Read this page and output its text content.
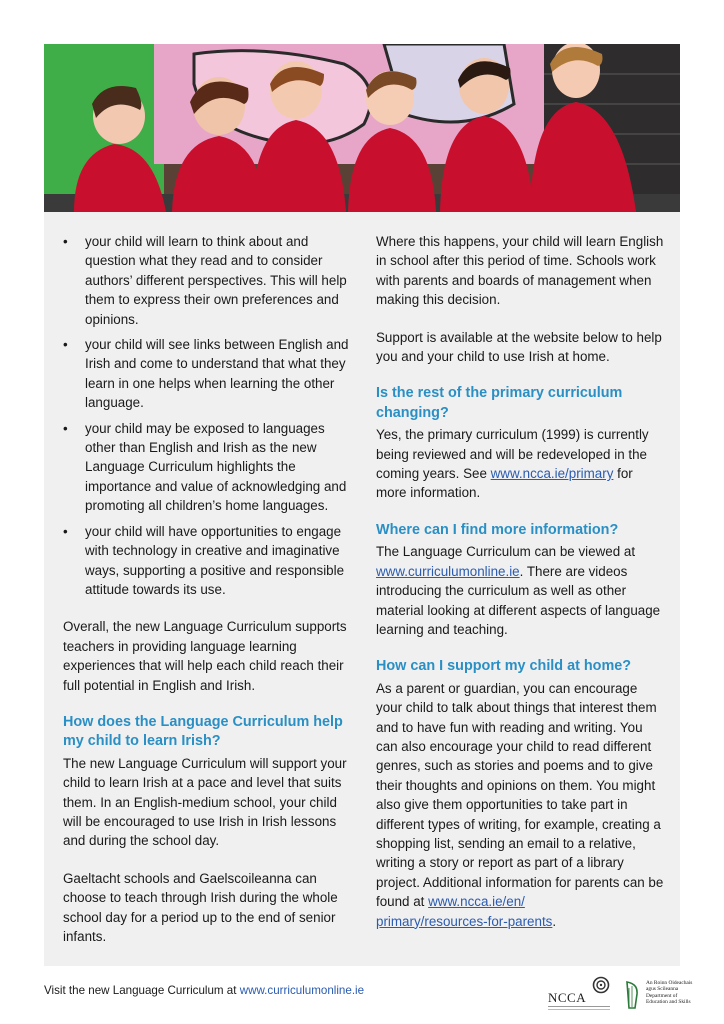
• your child will learn to think about and question what they read and to consider authors’ different perspectives. This will help them to express their own preferences and opinions.
• your child will see links between English and Irish and come to understand that what they learn in one helps when learning the other language.
• your child may be exposed to languages other than English and Irish as the new Language Curriculum highlights the importance and value of acknowledging and promoting all children’s home languages.
• your child will have opportunities to engage with technology in creative and imaginative ways, supporting a positive and responsible attitude towards its use.

Overall, the new Language Curriculum supports teachers in providing language learning experiences that will help each child reach their full potential in English and Irish.

How does the Language Curriculum help my child to learn Irish?

The new Language Curriculum will support your child to learn Irish at a pace and level that suits them. In an English-medium school, your child will be encouraged to use Irish in Irish lessons and during the school day.

Gaeltacht schools and Gaelscoileanna can choose to teach through Irish during the whole school day for a period up to the end of senior infants.

Where this happens, your child will learn English in school after this period of time. Schools work with parents and boards of management when making this decision.

Support is available at the website below to help you and your child to use Irish at home.

Is the rest of the primary curriculum changing?

Yes, the primary curriculum (1999) is currently being reviewed and will be redeveloped in the coming years. See www.ncca.ie/primary for more information.

Where can I find more information?

The Language Curriculum can be viewed at www.curriculumonline.ie. There are videos introducing the curriculum as well as other material looking at different aspects of language learning and teaching.

How can I support my child at home?

As a parent or guardian, you can encourage your child to talk about things that interest them and to have fun with reading and writing. You can also encourage your child to read different genres, such as stories and poems and to give their thoughts and opinions on them. You might also give them opportunities to take part in different types of writing, for example, creating a shopping list, sending an email to a relative, writing a story or report as part of a library project. Additional information for parents can be found at www.ncca.ie/en/
primary/resources-for-parents.

Visit the new Language Curriculum at www.curriculumonline.ie	NCCA
An Roinn Oideachais
agus Scileanna
Department of
Education and Skills
